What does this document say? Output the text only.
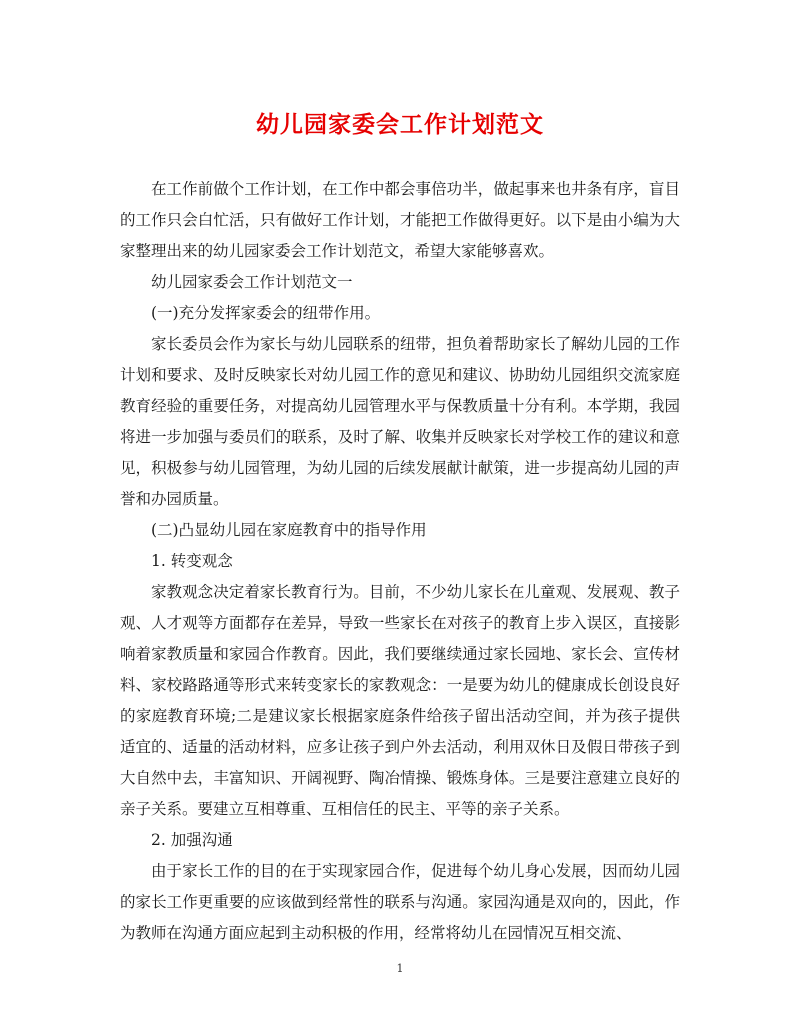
幼儿园家委会工作计划范文

在工作前做个工作计划，在工作中都会事倍功半，做起事来也井条有序，盲目的工作只会白忙活，只有做好工作计划，才能把工作做得更好。以下是由小编为大家整理出来的幼儿园家委会工作计划范文，希望大家能够喜欢。

幼儿园家委会工作计划范文一

(一)充分发挥家委会的纽带作用。

家长委员会作为家长与幼儿园联系的纽带，担负着帮助家长了解幼儿园的工作计划和要求、及时反映家长对幼儿园工作的意见和建议、协助幼儿园组织交流家庭教育经验的重要任务，对提高幼儿园管理水平与保教质量十分有利。本学期，我园将进一步加强与委员们的联系，及时了解、收集并反映家长对学校工作的建议和意见，积极参与幼儿园管理，为幼儿园的后续发展献计献策，进一步提高幼儿园的声誉和办园质量。

(二)凸显幼儿园在家庭教育中的指导作用

1. 转变观念

家教观念决定着家长教育行为。目前，不少幼儿家长在儿童观、发展观、教子观、人才观等方面都存在差异，导致一些家长在对孩子的教育上步入误区，直接影响着家教质量和家园合作教育。因此，我们要继续通过家长园地、家长会、宣传材料、家校路路通等形式来转变家长的家教观念：一是要为幼儿的健康成长创设良好的家庭教育环境;二是建议家长根据家庭条件给孩子留出活动空间，并为孩子提供适宜的、适量的活动材料，应多让孩子到户外去活动，利用双休日及假日带孩子到大自然中去，丰富知识、开阔视野、陶冶情操、锻炼身体。三是要注意建立良好的亲子关系。要建立互相尊重、互相信任的民主、平等的亲子关系。

2. 加强沟通

由于家长工作的目的在于实现家园合作，促进每个幼儿身心发展，因而幼儿园的家长工作更重要的应该做到经常性的联系与沟通。家园沟通是双向的，因此，作为教师在沟通方面应起到主动积极的作用，经常将幼儿在园情况互相交流、

1
